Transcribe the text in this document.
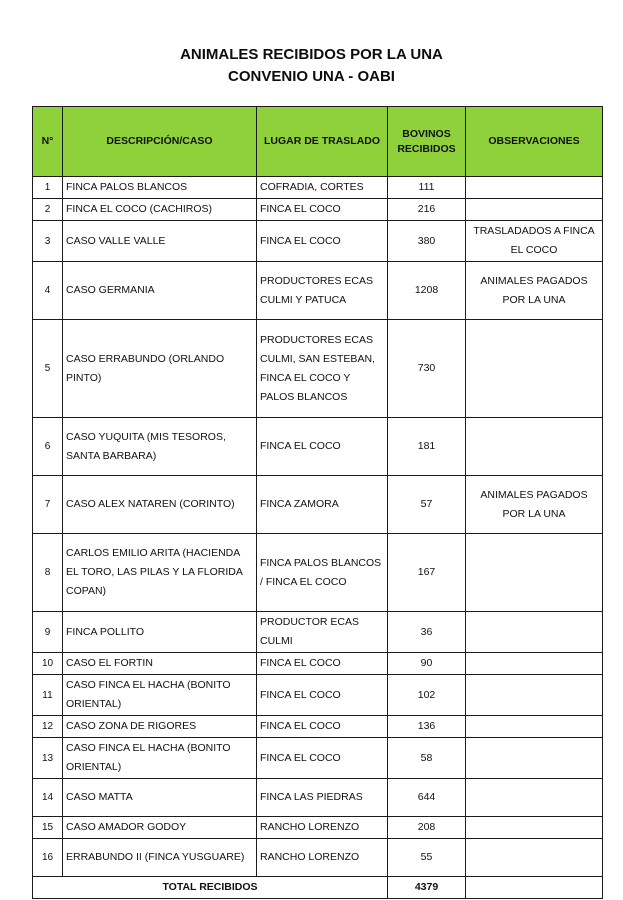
ANIMALES RECIBIDOS POR LA UNA
CONVENIO UNA - OABI
N°	DESCRIPCIÓN/CASO	LUGAR DE TRASLADO	BOVINOS RECIBIDOS	OBSERVACIONES
1	FINCA PALOS BLANCOS	COFRADIA, CORTES	111	
2	FINCA EL COCO (CACHIROS)	FINCA EL COCO	216	
3	CASO VALLE VALLE	FINCA EL COCO	380	TRASLADADOS A FINCA EL COCO
4	CASO GERMANIA	PRODUCTORES ECAS CULMI Y PATUCA	1208	ANIMALES PAGADOS POR LA UNA
5	CASO ERRABUNDO (ORLANDO PINTO)	PRODUCTORES ECAS CULMI, SAN ESTEBAN, FINCA EL COCO Y PALOS BLANCOS	730	
6	CASO YUQUITA (MIS TESOROS, SANTA BARBARA)	FINCA EL COCO	181	
7	CASO ALEX NATAREN (CORINTO)	FINCA ZAMORA	57	ANIMALES PAGADOS POR LA UNA
8	CARLOS EMILIO ARITA (HACIENDA EL TORO, LAS PILAS Y LA FLORIDA COPAN)	FINCA PALOS BLANCOS / FINCA EL COCO	167	
9	FINCA POLLITO	PRODUCTOR ECAS CULMI	36	
10	CASO EL FORTIN	FINCA EL COCO	90	
11	CASO FINCA EL HACHA (BONITO ORIENTAL)	FINCA EL COCO	102	
12	CASO ZONA DE RIGORES	FINCA EL COCO	136	
13	CASO FINCA EL HACHA (BONITO ORIENTAL)	FINCA EL COCO	58	
14	CASO MATTA	FINCA LAS PIEDRAS	644	
15	CASO AMADOR GODOY	RANCHO LORENZO	208	
16	ERRABUNDO II (FINCA YUSGUARE)	RANCHO LORENZO	55	
TOTAL RECIBIDOS			4379	
